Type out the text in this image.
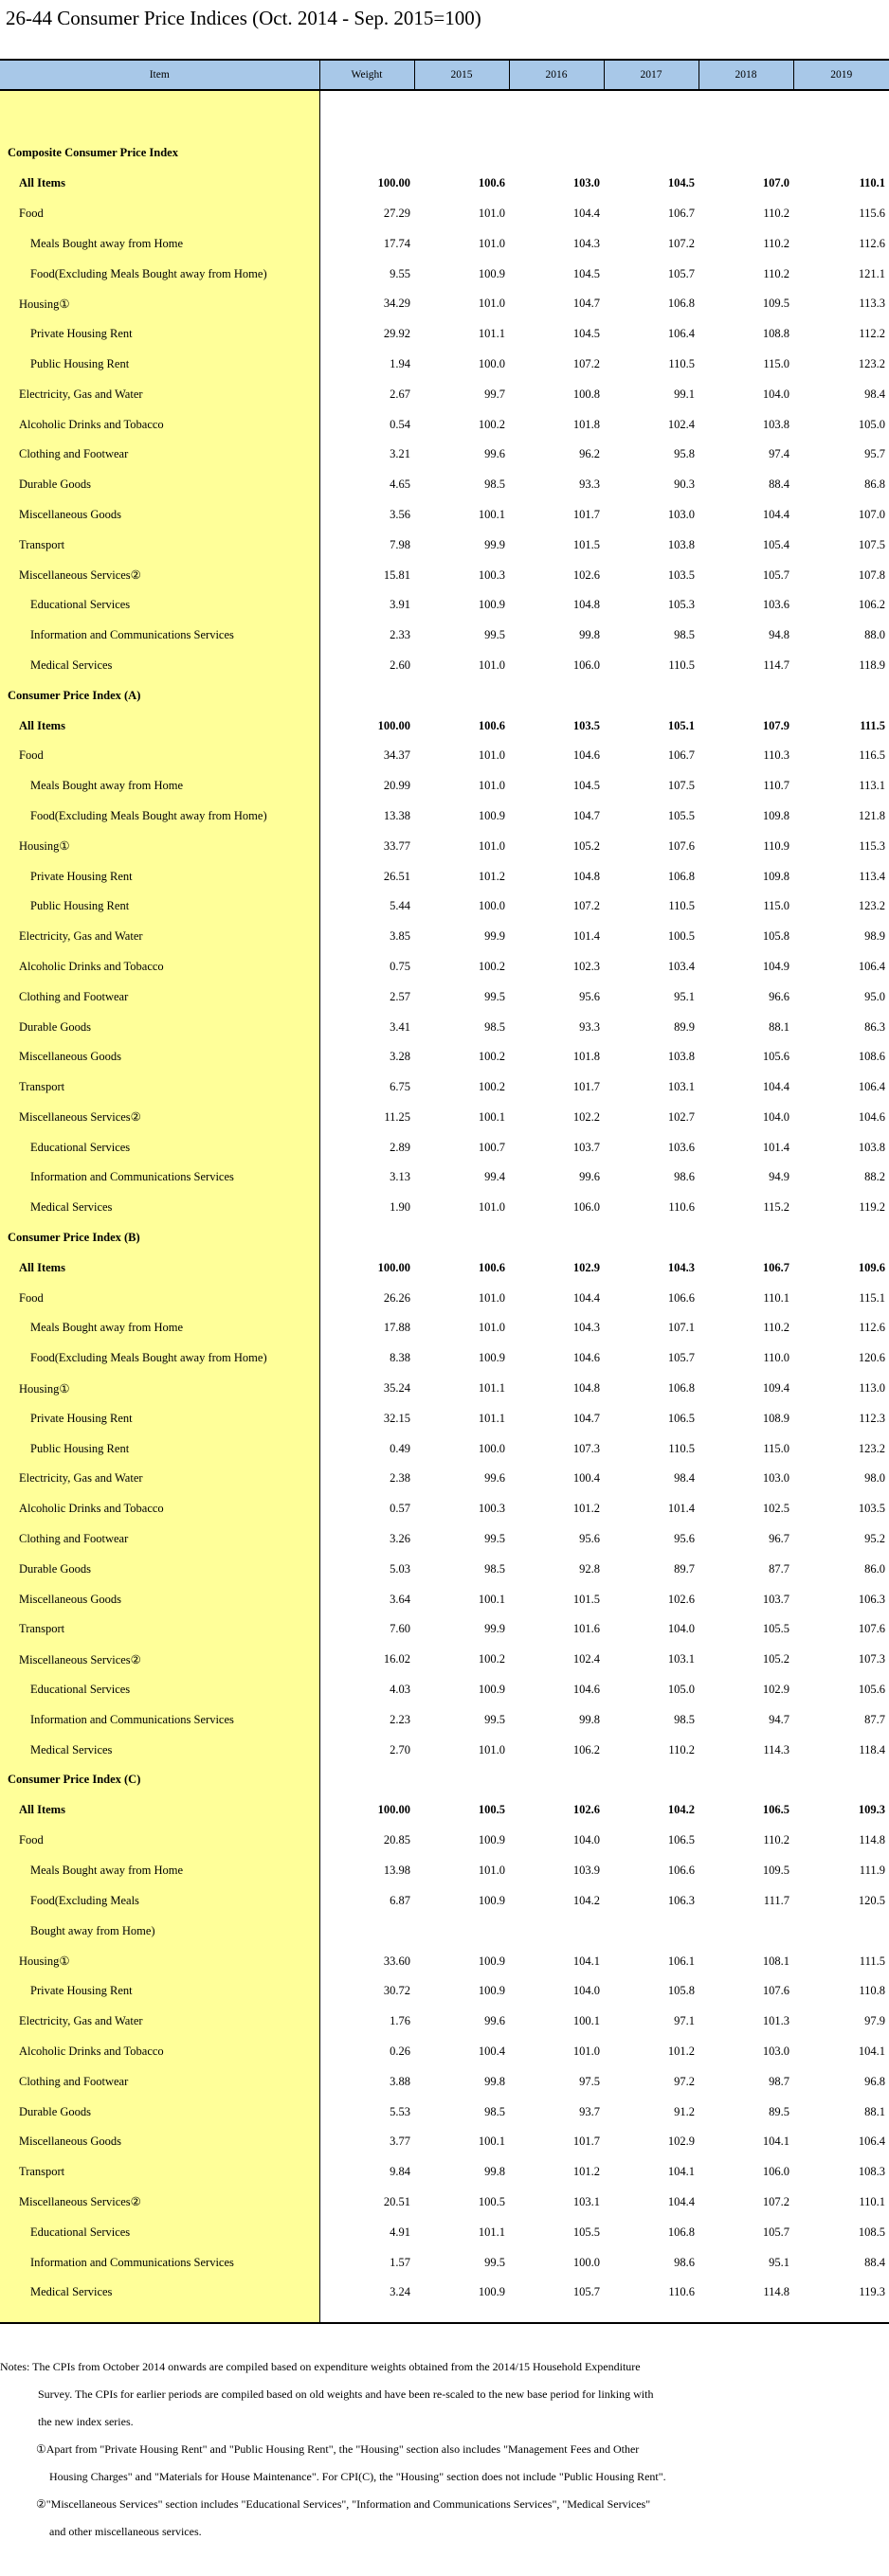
26-44 Consumer Price Indices (Oct. 2014 - Sep. 2015=100)
Item	Weight	2015	2016	2017	2018	2019

Composite Consumer Price Index						
All Items	100.00	100.6	103.0	104.5	107.0	110.1
Food	27.29	101.0	104.4	106.7	110.2	115.6
Meals Bought away from Home	17.74	101.0	104.3	107.2	110.2	112.6
Food(Excluding Meals Bought away from Home)	9.55	100.9	104.5	105.7	110.2	121.1
Housing①	34.29	101.0	104.7	106.8	109.5	113.3
Private Housing Rent	29.92	101.1	104.5	106.4	108.8	112.2
Public Housing Rent	1.94	100.0	107.2	110.5	115.0	123.2
Electricity, Gas and Water	2.67	99.7	100.8	99.1	104.0	98.4
Alcoholic Drinks and Tobacco	0.54	100.2	101.8	102.4	103.8	105.0
Clothing and Footwear	3.21	99.6	96.2	95.8	97.4	95.7
Durable Goods	4.65	98.5	93.3	90.3	88.4	86.8
Miscellaneous Goods	3.56	100.1	101.7	103.0	104.4	107.0
Transport	7.98	99.9	101.5	103.8	105.4	107.5
Miscellaneous Services②	15.81	100.3	102.6	103.5	105.7	107.8
Educational Services	3.91	100.9	104.8	105.3	103.6	106.2
Information and Communications Services	2.33	99.5	99.8	98.5	94.8	88.0
Medical Services	2.60	101.0	106.0	110.5	114.7	118.9
Consumer Price Index (A)						
All Items	100.00	100.6	103.5	105.1	107.9	111.5
Food	34.37	101.0	104.6	106.7	110.3	116.5
Meals Bought away from Home	20.99	101.0	104.5	107.5	110.7	113.1
Food(Excluding Meals Bought away from Home)	13.38	100.9	104.7	105.5	109.8	121.8
Housing①	33.77	101.0	105.2	107.6	110.9	115.3
Private Housing Rent	26.51	101.2	104.8	106.8	109.8	113.4
Public Housing Rent	5.44	100.0	107.2	110.5	115.0	123.2
Electricity, Gas and Water	3.85	99.9	101.4	100.5	105.8	98.9
Alcoholic Drinks and Tobacco	0.75	100.2	102.3	103.4	104.9	106.4
Clothing and Footwear	2.57	99.5	95.6	95.1	96.6	95.0
Durable Goods	3.41	98.5	93.3	89.9	88.1	86.3
Miscellaneous Goods	3.28	100.2	101.8	103.8	105.6	108.6
Transport	6.75	100.2	101.7	103.1	104.4	106.4
Miscellaneous Services②	11.25	100.1	102.2	102.7	104.0	104.6
Educational Services	2.89	100.7	103.7	103.6	101.4	103.8
Information and Communications Services	3.13	99.4	99.6	98.6	94.9	88.2
Medical Services	1.90	101.0	106.0	110.6	115.2	119.2
Consumer Price Index (B)						
All Items	100.00	100.6	102.9	104.3	106.7	109.6
Food	26.26	101.0	104.4	106.6	110.1	115.1
Meals Bought away from Home	17.88	101.0	104.3	107.1	110.2	112.6
Food(Excluding Meals Bought away from Home)	8.38	100.9	104.6	105.7	110.0	120.6
Housing①	35.24	101.1	104.8	106.8	109.4	113.0
Private Housing Rent	32.15	101.1	104.7	106.5	108.9	112.3
Public Housing Rent	0.49	100.0	107.3	110.5	115.0	123.2
Electricity, Gas and Water	2.38	99.6	100.4	98.4	103.0	98.0
Alcoholic Drinks and Tobacco	0.57	100.3	101.2	101.4	102.5	103.5
Clothing and Footwear	3.26	99.5	95.6	95.6	96.7	95.2
Durable Goods	5.03	98.5	92.8	89.7	87.7	86.0
Miscellaneous Goods	3.64	100.1	101.5	102.6	103.7	106.3
Transport	7.60	99.9	101.6	104.0	105.5	107.6
Miscellaneous Services②	16.02	100.2	102.4	103.1	105.2	107.3
Educational Services	4.03	100.9	104.6	105.0	102.9	105.6
Information and Communications Services	2.23	99.5	99.8	98.5	94.7	87.7
Medical Services	2.70	101.0	106.2	110.2	114.3	118.4
Consumer Price Index (C)						
All Items	100.00	100.5	102.6	104.2	106.5	109.3
Food	20.85	100.9	104.0	106.5	110.2	114.8
Meals Bought away from Home	13.98	101.0	103.9	106.6	109.5	111.9
Food(Excluding Meals Bought away from Home)	6.87	100.9	104.2	106.3	111.7	120.5
Housing①	33.60	100.9	104.1	106.1	108.1	111.5
Private Housing Rent	30.72	100.9	104.0	105.8	107.6	110.8
Electricity, Gas and Water	1.76	99.6	100.1	97.1	101.3	97.9
Alcoholic Drinks and Tobacco	0.26	100.4	101.0	101.2	103.0	104.1
Clothing and Footwear	3.88	99.8	97.5	97.2	98.7	96.8
Durable Goods	5.53	98.5	93.7	91.2	89.5	88.1
Miscellaneous Goods	3.77	100.1	101.7	102.9	104.1	106.4
Transport	9.84	99.8	101.2	104.1	106.0	108.3
Miscellaneous Services②	20.51	100.5	103.1	104.4	107.2	110.1
Educational Services	4.91	101.1	105.5	106.8	105.7	108.5
Information and Communications Services	1.57	99.5	100.0	98.6	95.1	88.4
Medical Services	3.24	100.9	105.7	110.6	114.8	119.3

Notes: The CPIs from October 2014 onwards are compiled based on expenditure weights obtained from the 2014/15 Household Expenditure

Survey. The CPIs for earlier periods are compiled based on old weights and have been re-scaled to the new base period for linking with

the new index series.

①Apart from "Private Housing Rent" and "Public Housing Rent", the "Housing" section also includes "Management Fees and Other

Housing Charges" and "Materials for House Maintenance". For CPI(C), the "Housing" section does not include "Public Housing Rent".

②"Miscellaneous Services" section includes "Educational Services", "Information and Communications Services", "Medical Services"

and other miscellaneous services.
